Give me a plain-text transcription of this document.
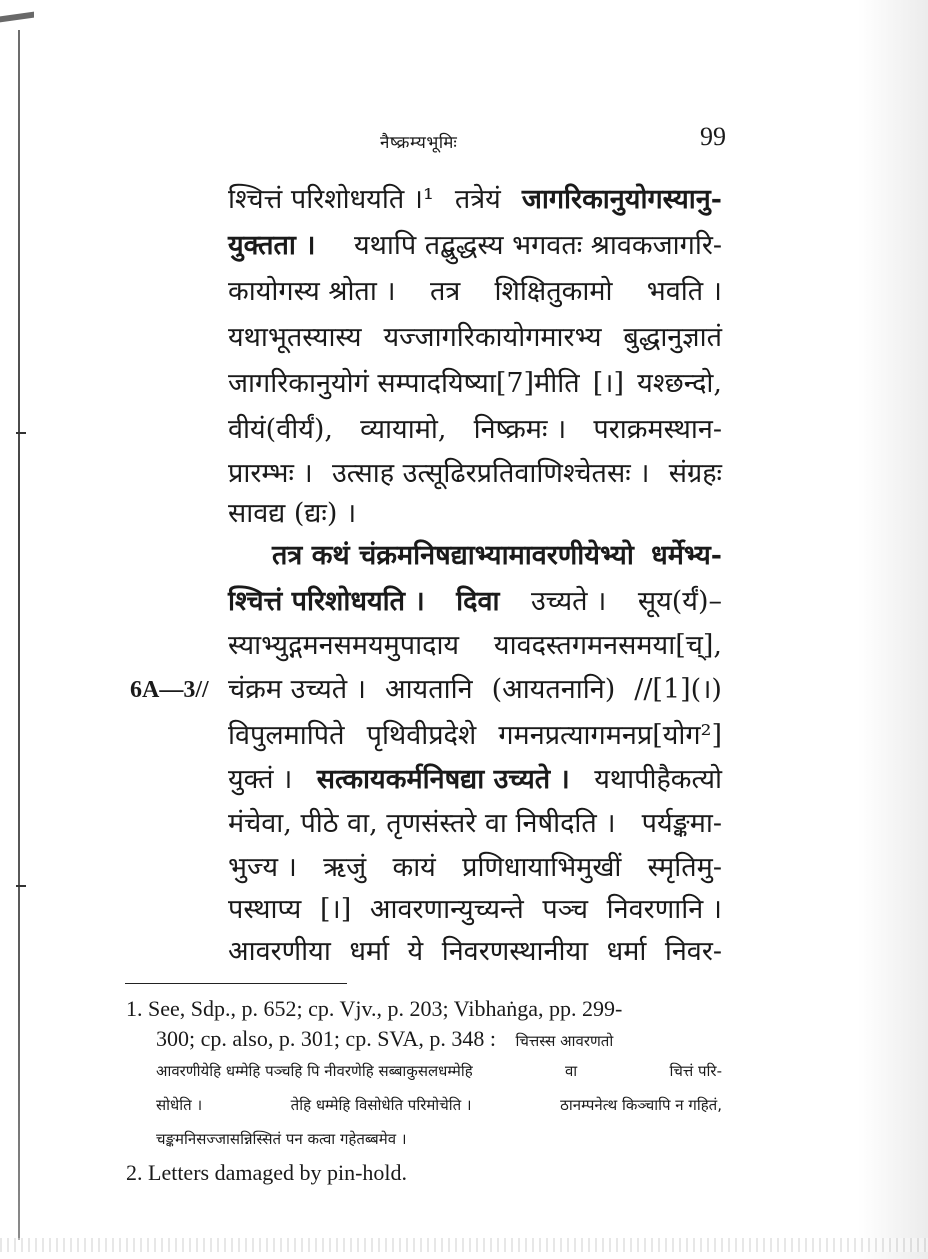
नैष्क्रम्यभूमिः	99
6A—3//
श्चित्तं परिशोधयति ।¹ तत्रेयं जागरिकानुयोगस्यानु-
युक्तता । यथापि तद्बुद्धस्य भगवतः श्रावकजागरि-
कायोगस्य श्रोता । तत्र शिक्षितुकामो भवति ।
यथाभूतस्यास्य यज्जागरिकायोगमारभ्य बुद्धानुज्ञातं
जागरिकानुयोगं सम्पादयिष्या[7]मीति [।] यश्छन्दो,
वीयं(वीर्यं), व्यायामो, निष्क्रमः । पराक्रमस्थान-
प्रारम्भः । उत्साह उत्सूढिरप्रतिवाणिश्चेतसः । संग्रहः
सावद्य (द्यः) ।
तत्र कथं चंक्रमनिषद्याभ्यामावरणीयेभ्यो धर्मेभ्य-
श्चित्तं परिशोधयति । दिवा उच्यते । सूय(र्यं)–
स्याभ्युद्गमनसमयमुपादाय यावदस्तगमनसमया[च्],
चंक्रम उच्यते । आयतानि (आयतनानि) //[1](।)
विपुलमापिते पृथिवीप्रदेशे गमनप्रत्यागमनप्र[योग²]
युक्तं । सत्कायकर्मनिषद्या उच्यते । यथापीहैकत्यो
मंचेवा, पीठे वा, तृणसंस्तरे वा निषीदति । पर्यङ्कमा-
भुज्य । ऋजुं कायं प्रणिधायाभिमुखीं स्मृतिमु-
पस्थाप्य [।] आवरणान्युच्यन्ते पञ्च निवरणानि ।
आवरणीया धर्मा ये निवरणस्थानीया धर्मा निवर-
1. See, Sdp., p. 652; cp. Vjv., p. 203; Vibhaṅga, pp. 299-
300; cp. also, p. 301; cp. SVA, p. 348 : चित्तस्स आवरणतो
आवरणीयेहि धम्मेहि पञ्चहि पि नीवरणेहि सब्बाकुसलधम्मेहि	वा	चित्तं परि-
सोधेति ।	तेहि धम्मेहि विसोधेति परिमोचेति ।	ठानम्पनेत्थ किञ्चापि न गहितं,
चङ्कमनिसज्जासन्निस्सितं पन कत्वा गहेतब्बमेव ।
2. Letters damaged by pin-hold.
